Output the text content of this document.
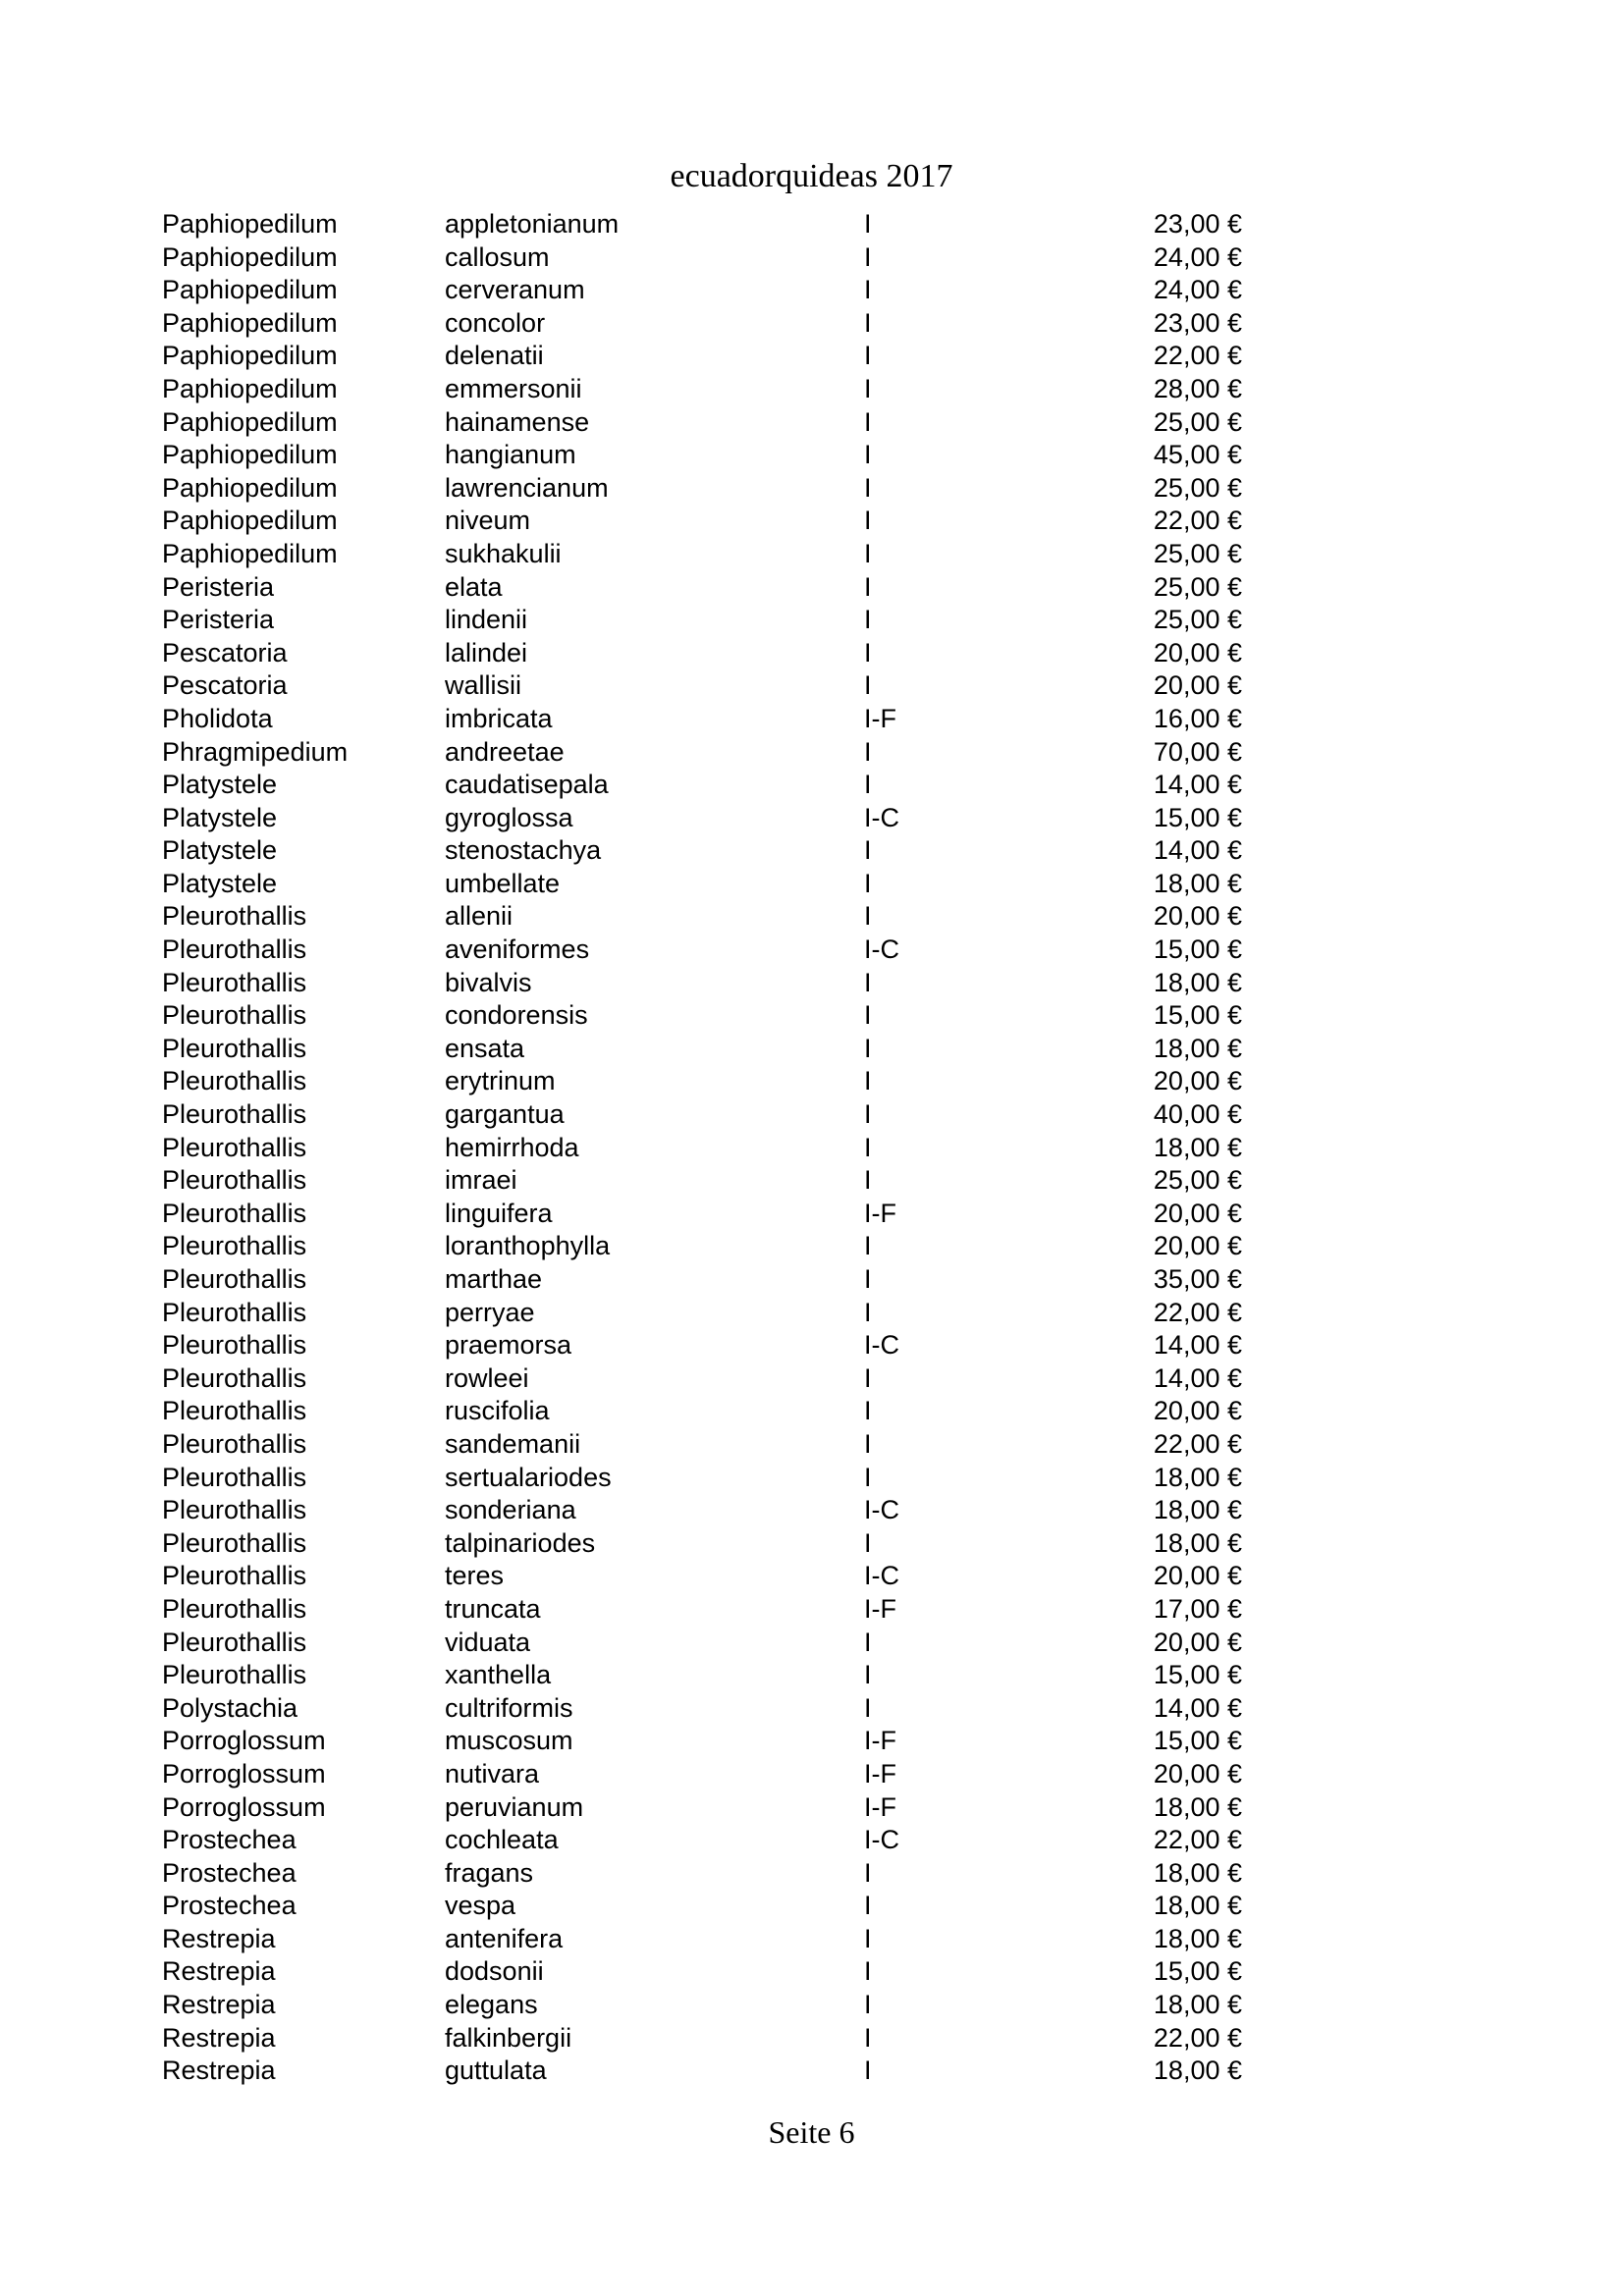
ecuadorquideas 2017
Paphiopedilum	appletonianum	I	23,00 €
Paphiopedilum	callosum	I	24,00 €
Paphiopedilum	cerveranum	I	24,00 €
Paphiopedilum	concolor	I	23,00 €
Paphiopedilum	delenatii	I	22,00 €
Paphiopedilum	emmersonii	I	28,00 €
Paphiopedilum	hainamense	I	25,00 €
Paphiopedilum	hangianum	I	45,00 €
Paphiopedilum	lawrencianum	I	25,00 €
Paphiopedilum	niveum	I	22,00 €
Paphiopedilum	sukhakulii	I	25,00 €
Peristeria	elata	I	25,00 €
Peristeria	lindenii	I	25,00 €
Pescatoria	lalindei	I	20,00 €
Pescatoria	wallisii	I	20,00 €
Pholidota	imbricata	I-F	16,00 €
Phragmipedium	andreetae	I	70,00 €
Platystele	caudatisepala	I	14,00 €
Platystele	gyroglossa	I-C	15,00 €
Platystele	stenostachya	I	14,00 €
Platystele	umbellate	I	18,00 €
Pleurothallis	allenii	I	20,00 €
Pleurothallis	aveniformes	I-C	15,00 €
Pleurothallis	bivalvis	I	18,00 €
Pleurothallis	condorensis	I	15,00 €
Pleurothallis	ensata	I	18,00 €
Pleurothallis	erytrinum	I	20,00 €
Pleurothallis	gargantua	I	40,00 €
Pleurothallis	hemirrhoda	I	18,00 €
Pleurothallis	imraei	I	25,00 €
Pleurothallis	linguifera	I-F	20,00 €
Pleurothallis	loranthophylla	I	20,00 €
Pleurothallis	marthae	I	35,00 €
Pleurothallis	perryae	I	22,00 €
Pleurothallis	praemorsa	I-C	14,00 €
Pleurothallis	rowleei	I	14,00 €
Pleurothallis	ruscifolia	I	20,00 €
Pleurothallis	sandemanii	I	22,00 €
Pleurothallis	sertualariodes	I	18,00 €
Pleurothallis	sonderiana	I-C	18,00 €
Pleurothallis	talpinariodes	I	18,00 €
Pleurothallis	teres	I-C	20,00 €
Pleurothallis	truncata	I-F	17,00 €
Pleurothallis	viduata	I	20,00 €
Pleurothallis	xanthella	I	15,00 €
Polystachia	cultriformis	I	14,00 €
Porroglossum	muscosum	I-F	15,00 €
Porroglossum	nutivara	I-F	20,00 €
Porroglossum	peruvianum	I-F	18,00 €
Prostechea	cochleata	I-C	22,00 €
Prostechea	fragans	I	18,00 €
Prostechea	vespa	I	18,00 €
Restrepia	antenifera	I	18,00 €
Restrepia	dodsonii	I	15,00 €
Restrepia	elegans	I	18,00 €
Restrepia	falkinbergii	I	22,00 €
Restrepia	guttulata	I	18,00 €
Seite 6
